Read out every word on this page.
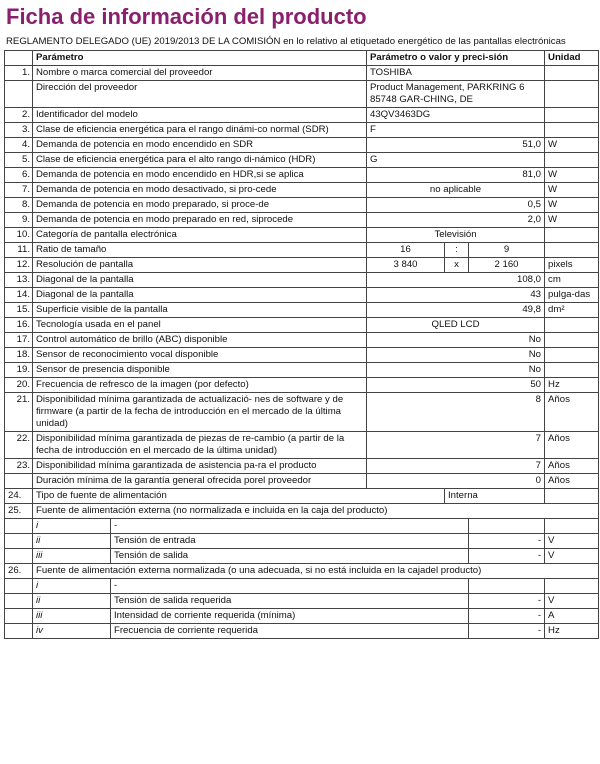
Ficha de información del producto
REGLAMENTO DELEGADO (UE) 2019/2013 DE LA COMISIÓN en lo relativo al etiquetado energético de las pantallas electrónicas
	Parámetro		Parámetro o valor y preci-sión			Unidad
1.	Nombre o marca comercial del proveedor		TOSHIBA			
	Dirección del proveedor		Product Management, PARKRING 6 85748 GAR-CHING, DE			
2.	Identificador del modelo		43QV3463DG			
3.	Clase de eficiencia energética para el rango dinámi-co normal (SDR)		F			
4.	Demanda de potencia en modo encendido en SDR		51,0			W
5.	Clase de eficiencia energética para el alto rango di-námico (HDR)		G			
6.	Demanda de potencia en modo encendido en HDR,si se aplica		81,0			W
7.	Demanda de potencia en modo desactivado, si pro-cede		no aplicable			W
8.	Demanda de potencia en modo preparado, si proce-de		0,5			W
9.	Demanda de potencia en modo preparado en red, siprocede		2,0			W
10.	Categoría de pantalla electrónica		Televisión			
11.	Ratio de tamaño		16	:	9	
12.	Resolución de pantalla		3 840	x	2 160	pixels
13.	Diagonal de la pantalla		108,0			cm
14.	Diagonal de la pantalla		43			pulga-das
15.	Superficie visible de la pantalla		49,8			dm²
16.	Tecnología usada en el panel		QLED LCD			
17.	Control automático de brillo (ABC) disponible		No			
18.	Sensor de reconocimiento vocal disponible		No			
19.	Sensor de presencia disponible		No			
20.	Frecuencia de refresco de la imagen (por defecto)		50			Hz
21.	Disponibilidad mínima garantizada de actualizació- nes de software y de firmware (a partir de la fecha de introducción en el mercado de la última unidad)		8			Años
22.	Disponibilidad mínima garantizada de piezas de re-cambio (a partir de la fecha de introducción en el mercado de la última unidad)		7			Años
23.	Disponibilidad mínima garantizada de asistencia pa-ra el producto		7			Años
	Duración mínima de la garantía general ofrecida porel proveedor		0			Años
24.	Tipo de fuente de alimentación			Interna		
25.	Fuente de alimentación externa (no normalizada e incluida en la caja del producto)					
	i	-				
	ii	Tensión de entrada			-	V
	iii	Tensión de salida			-	V
26.	Fuente de alimentación externa normalizada (o una adecuada, si no está incluida en la cajadel producto)					
	i	-				
	ii	Tensión de salida requerida			-	V
	iii	Intensidad de corriente requerida (mínima)			-	A
	iv	Frecuencia de corriente requerida			-	Hz
